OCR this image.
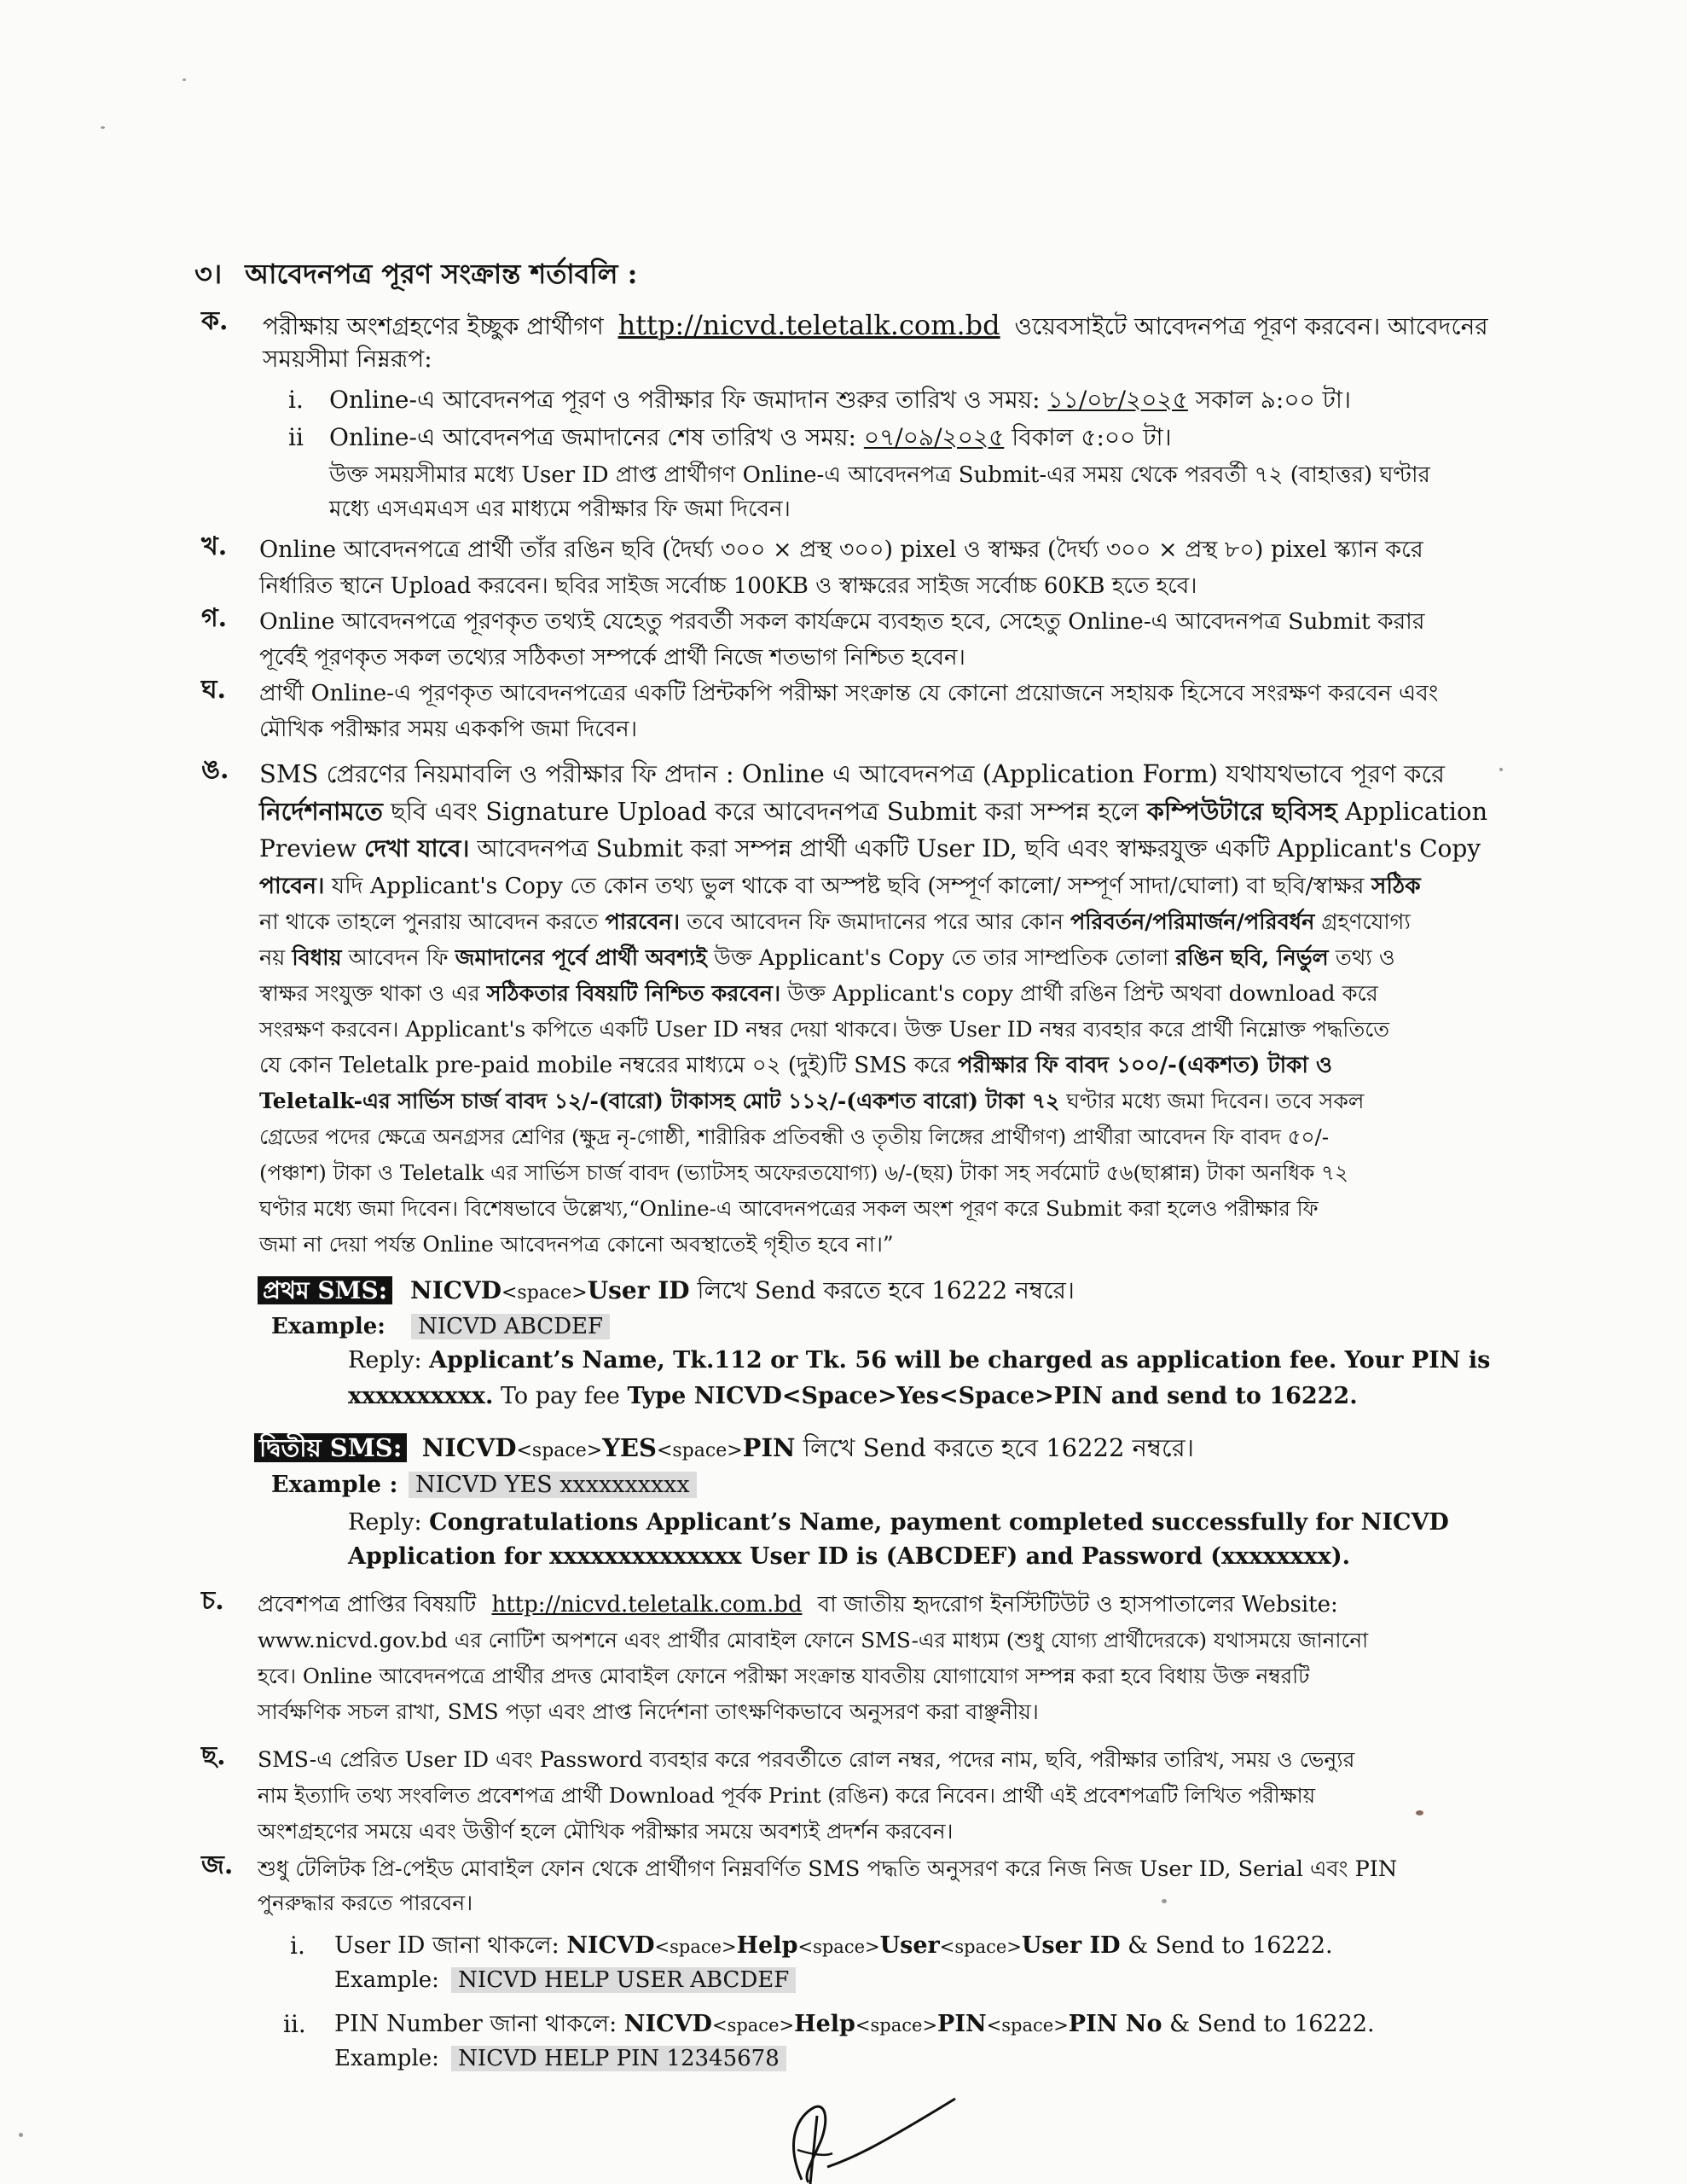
৩। আবেদনপত্র পূরণ সংক্রান্ত শর্তাবলি :
ক. পরীক্ষায় অংশগ্রহণের ইচ্ছুক প্রার্থীগণ http://nicvd.teletalk.com.bd ওয়েবসাইটে আবেদনপত্র পূরণ করবেন। আবেদনের
সময়সীমা নিম্নরূপ:
i. Online-এ আবেদনপত্র পূরণ ও পরীক্ষার ফি জমাদান শুরুর তারিখ ও সময়: ১১/০৮/২০২৫ সকাল ৯:০০ টা।
ii Online-এ আবেদনপত্র জমাদানের শেষ তারিখ ও সময়: ০৭/০৯/২০২৫ বিকাল ৫:০০ টা।
উক্ত সময়সীমার মধ্যে User ID প্রাপ্ত প্রার্থীগণ Online-এ আবেদনপত্র Submit-এর সময় থেকে পরবর্তী ৭২ (বাহাত্তর) ঘণ্টার
মধ্যে এসএমএস এর মাধ্যমে পরীক্ষার ফি জমা দিবেন।
খ. Online আবেদনপত্রে প্রার্থী তাঁর রঙিন ছবি (দৈর্ঘ্য ৩০০ × প্রস্থ ৩০০) pixel ও স্বাক্ষর (দৈর্ঘ্য ৩০০ × প্রস্থ ৮০) pixel স্ক্যান করে
নির্ধারিত স্থানে Upload করবেন। ছবির সাইজ সর্বোচ্চ 100KB ও স্বাক্ষরের সাইজ সর্বোচ্চ 60KB হতে হবে।
গ. Online আবেদনপত্রে পূরণকৃত তথ্যই যেহেতু পরবর্তী সকল কার্যক্রমে ব্যবহৃত হবে, সেহেতু Online-এ আবেদনপত্র Submit করার
পূর্বেই পূরণকৃত সকল তথ্যের সঠিকতা সম্পর্কে প্রার্থী নিজে শতভাগ নিশ্চিত হবেন।
ঘ. প্রার্থী Online-এ পূরণকৃত আবেদনপত্রের একটি প্রিন্টকপি পরীক্ষা সংক্রান্ত যে কোনো প্রয়োজনে সহায়ক হিসেবে সংরক্ষণ করবেন এবং
মৌখিক পরীক্ষার সময় এককপি জমা দিবেন।
ঙ. SMS প্রেরণের নিয়মাবলি ও পরীক্ষার ফি প্রদান : Online এ আবেদনপত্র (Application Form) যথাযথভাবে পূরণ করে
নির্দেশনামতে ছবি এবং Signature Upload করে আবেদনপত্র Submit করা সম্পন্ন হলে কম্পিউটারে ছবিসহ Application
Preview দেখা যাবে। আবেদনপত্র Submit করা সম্পন্ন প্রার্থী একটি User ID, ছবি এবং স্বাক্ষরযুক্ত একটি Applicant's Copy
পাবেন। যদি Applicant's Copy তে কোন তথ্য ভুল থাকে বা অস্পষ্ট ছবি (সম্পূর্ণ কালো/ সম্পূর্ণ সাদা/ঘোলা) বা ছবি/স্বাক্ষর সঠিক
না থাকে তাহলে পুনরায় আবেদন করতে পারবেন। তবে আবেদন ফি জমাদানের পরে আর কোন পরিবর্তন/পরিমার্জন/পরিবর্ধন গ্রহণযোগ্য
নয় বিধায় আবেদন ফি জমাদানের পূর্বে প্রার্থী অবশ্যই উক্ত Applicant's Copy তে তার সাম্প্রতিক তোলা রঙিন ছবি, নির্ভুল তথ্য ও
স্বাক্ষর সংযুক্ত থাকা ও এর সঠিকতার বিষয়টি নিশ্চিত করবেন। উক্ত Applicant's copy প্রার্থী রঙিন প্রিন্ট অথবা download করে
সংরক্ষণ করবেন। Applicant's কপিতে একটি User ID নম্বর দেয়া থাকবে। উক্ত User ID নম্বর ব্যবহার করে প্রার্থী নিম্নোক্ত পদ্ধতিতে
যে কোন Teletalk pre-paid mobile নম্বরের মাধ্যমে ০২ (দুই)টি SMS করে পরীক্ষার ফি বাবদ ১০০/-(একশত) টাকা ও
Teletalk-এর সার্ভিস চার্জ বাবদ ১২/-(বারো) টাকাসহ মোট ১১২/-(একশত বারো) টাকা ৭২ ঘণ্টার মধ্যে জমা দিবেন। তবে সকল
গ্রেডের পদের ক্ষেত্রে অনগ্রসর শ্রেণির (ক্ষুদ্র নৃ-গোষ্ঠী, শারীরিক প্রতিবন্ধী ও তৃতীয় লিঙ্গের প্রার্থীগণ) প্রার্থীরা আবেদন ফি বাবদ ৫০/-
(পঞ্চাশ) টাকা ও Teletalk এর সার্ভিস চার্জ বাবদ (ভ্যাটসহ অফেরতযোগ্য) ৬/-(ছয়) টাকা সহ সর্বমোট ৫৬(ছাপ্পান্ন) টাকা অনধিক ৭২
ঘণ্টার মধ্যে জমা দিবেন। বিশেষভাবে উল্লেখ্য,“Online-এ আবেদনপত্রের সকল অংশ পূরণ করে Submit করা হলেও পরীক্ষার ফি
জমা না দেয়া পর্যন্ত Online আবেদনপত্র কোনো অবস্থাতেই গৃহীত হবে না।”
প্রথম SMS: NICVD<space>User ID লিখে Send করতে হবে 16222 নম্বরে।
Example: NICVD ABCDEF
Reply: Applicant’s Name, Tk.112 or Tk. 56 will be charged as application fee. Your PIN is
xxxxxxxxxx. To pay fee Type NICVD<Space>Yes<Space>PIN and send to 16222.
দ্বিতীয় SMS: NICVD<space>YES<space>PIN লিখে Send করতে হবে 16222 নম্বরে।
Example : NICVD YES xxxxxxxxxx
Reply: Congratulations Applicant’s Name, payment completed successfully for NICVD
Application for xxxxxxxxxxxxxx User ID is (ABCDEF) and Password (xxxxxxxx).
চ. প্রবেশপত্র প্রাপ্তির বিষয়টি http://nicvd.teletalk.com.bd বা জাতীয় হৃদরোগ ইনস্টিটিউট ও হাসপাতালের Website:
www.nicvd.gov.bd এর নোটিশ অপশনে এবং প্রার্থীর মোবাইল ফোনে SMS-এর মাধ্যম (শুধু যোগ্য প্রার্থীদেরকে) যথাসময়ে জানানো
হবে। Online আবেদনপত্রে প্রার্থীর প্রদত্ত মোবাইল ফোনে পরীক্ষা সংক্রান্ত যাবতীয় যোগাযোগ সম্পন্ন করা হবে বিধায় উক্ত নম্বরটি
সার্বক্ষণিক সচল রাখা, SMS পড়া এবং প্রাপ্ত নির্দেশনা তাৎক্ষণিকভাবে অনুসরণ করা বাঞ্ছনীয়।
ছ. SMS-এ প্রেরিত User ID এবং Password ব্যবহার করে পরবর্তীতে রোল নম্বর, পদের নাম, ছবি, পরীক্ষার তারিখ, সময় ও ভেন্যুর
নাম ইত্যাদি তথ্য সংবলিত প্রবেশপত্র প্রার্থী Download পূর্বক Print (রঙিন) করে নিবেন। প্রার্থী এই প্রবেশপত্রটি লিখিত পরীক্ষায়
অংশগ্রহণের সময়ে এবং উত্তীর্ণ হলে মৌখিক পরীক্ষার সময়ে অবশ্যই প্রদর্শন করবেন।
জ. শুধু টেলিটক প্রি-পেইড মোবাইল ফোন থেকে প্রার্থীগণ নিম্নবর্ণিত SMS পদ্ধতি অনুসরণ করে নিজ নিজ User ID, Serial এবং PIN
পুনরুদ্ধার করতে পারবেন।
i. User ID জানা থাকলে: NICVD<space>Help<space>User<space>User ID & Send to 16222.
Example: NICVD HELP USER ABCDEF
ii. PIN Number জানা থাকলে: NICVD<space>Help<space>PIN<space>PIN No & Send to 16222.
Example: NICVD HELP PIN 12345678
